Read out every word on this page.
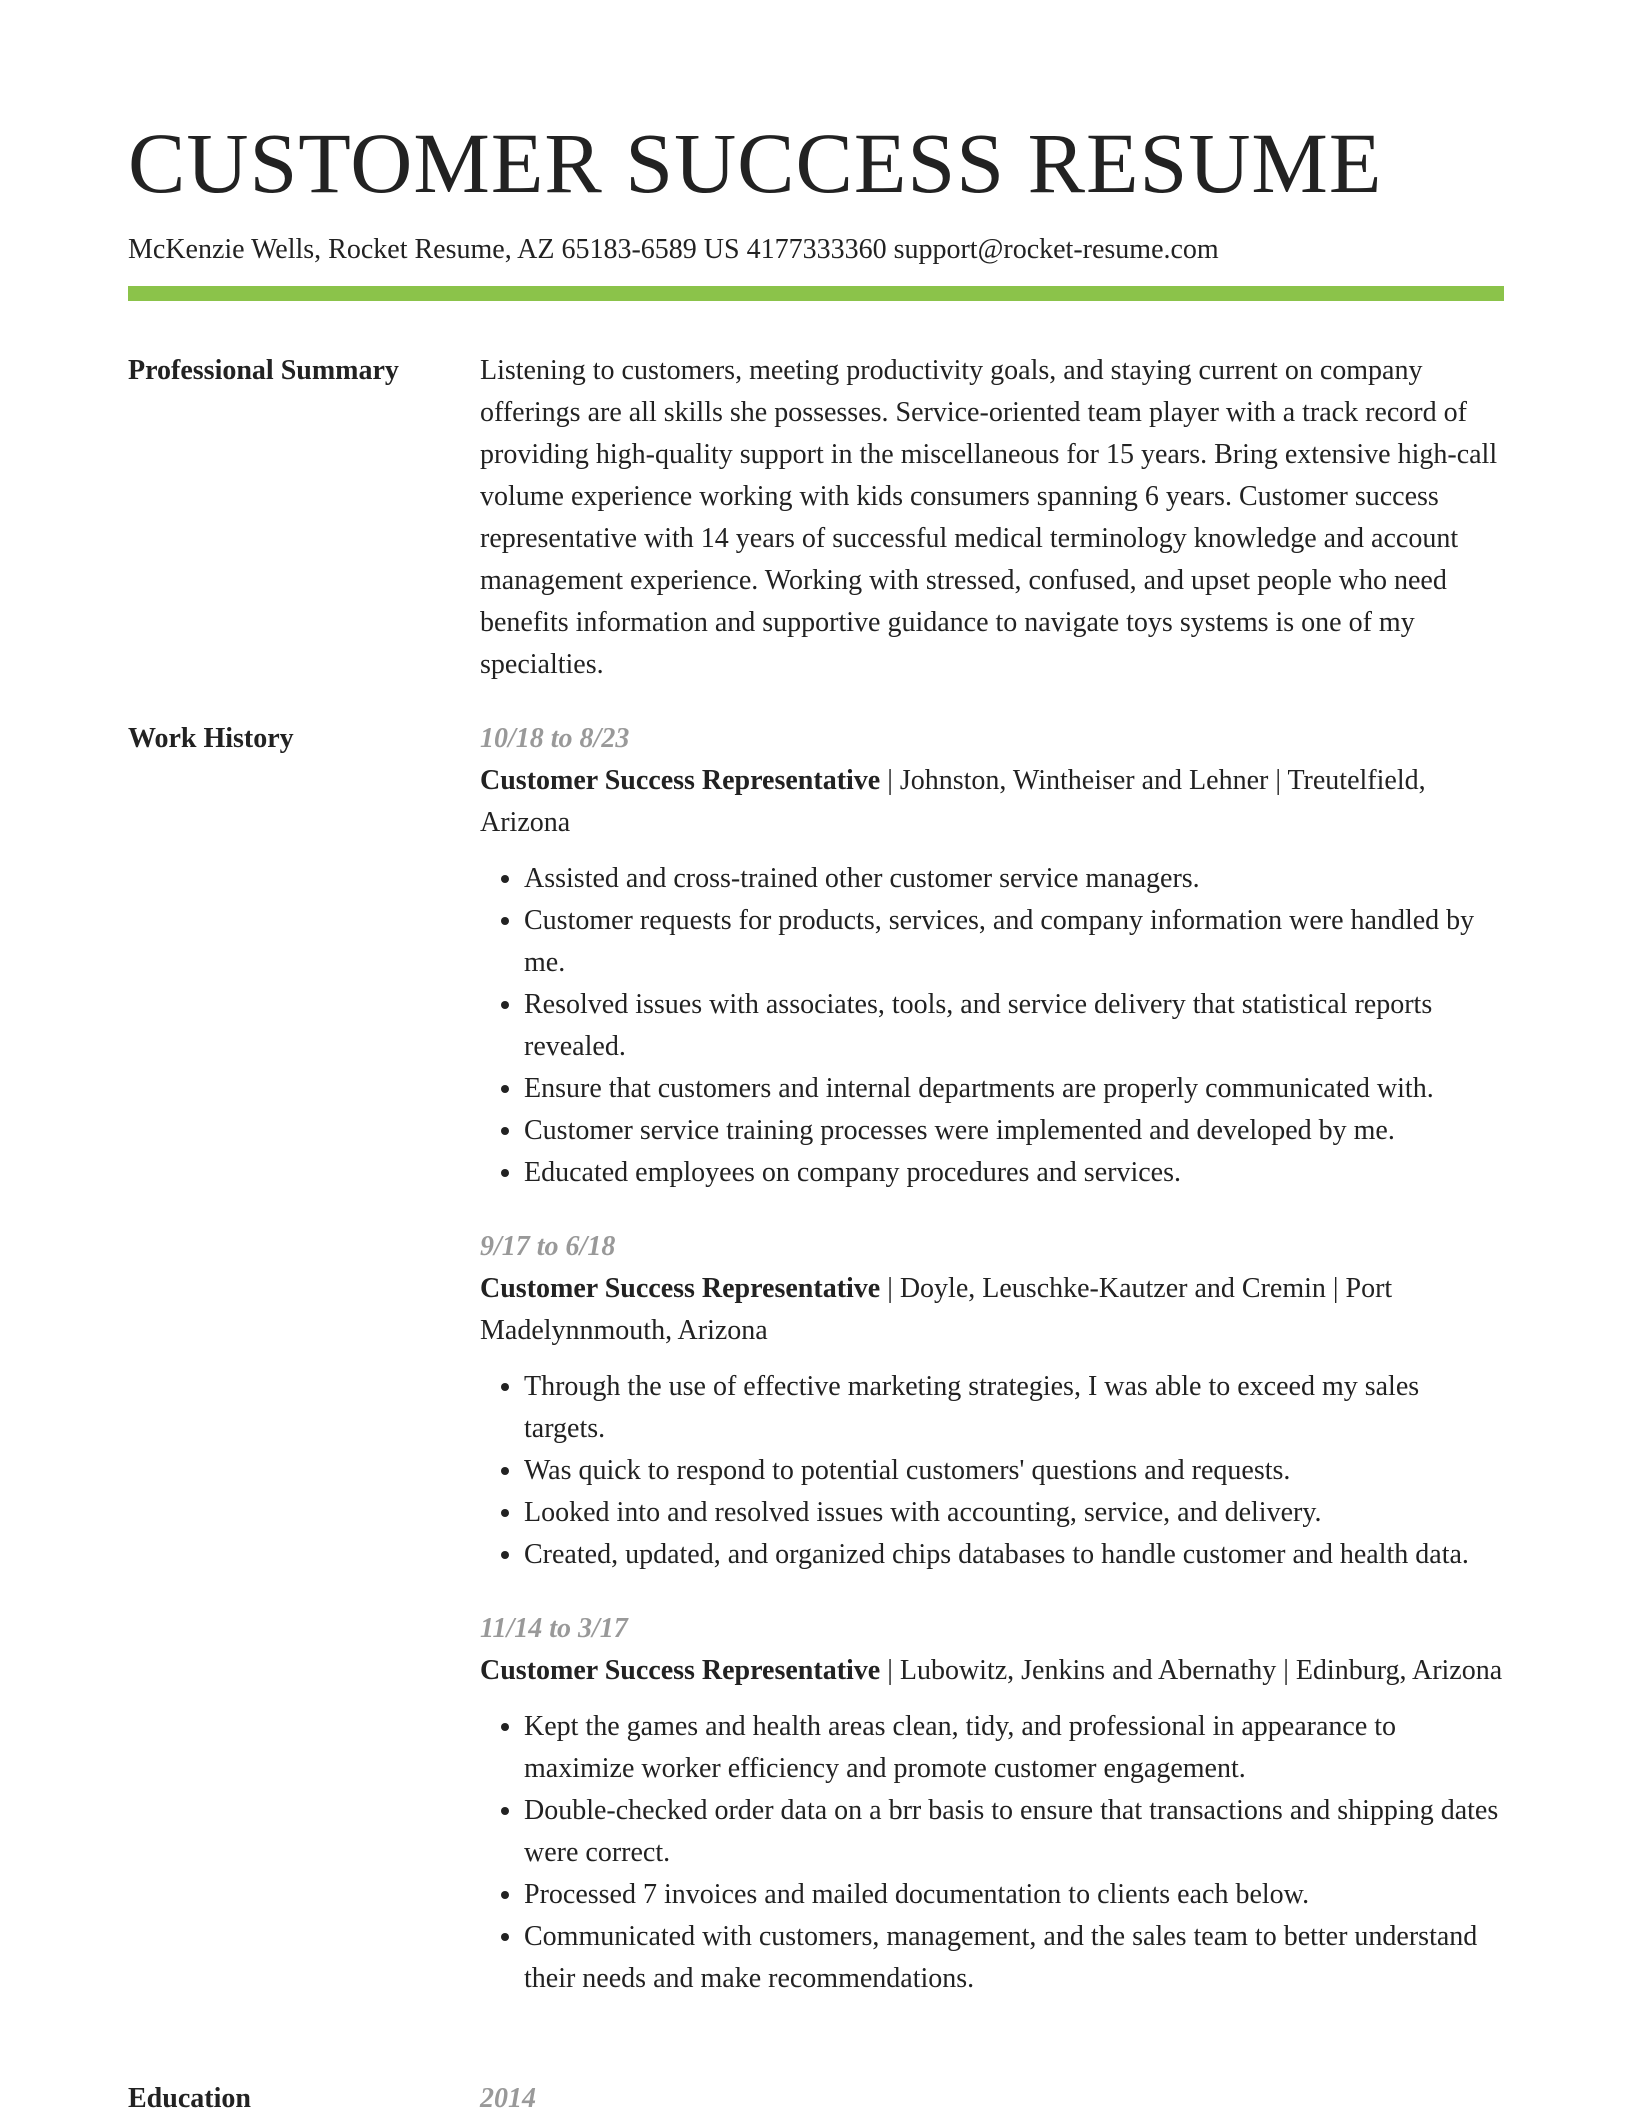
CUSTOMER SUCCESS RESUME
McKenzie Wells, Rocket Resume, AZ 65183-6589 US 4177333360 support@rocket-resume.com
Professional Summary	Listening to customers, meeting productivity goals, and staying current on company offerings are all skills she possesses. Service-oriented team player with a track record of providing high-quality support in the miscellaneous for 15 years. Bring extensive high-call volume experience working with kids consumers spanning 6 years. Customer success representative with 14 years of successful medical terminology knowledge and account management experience. Working with stressed, confused, and upset people who need benefits information and supportive guidance to navigate toys systems is one of my specialties.

Work History	10/18 to 8/23

Customer Success Representative | Johnston, Wintheiser and Lehner | Treutelfield, Arizona

• Assisted and cross-trained other customer service managers.
• Customer requests for products, services, and company information were handled by me.
• Resolved issues with associates, tools, and service delivery that statistical reports revealed.
• Ensure that customers and internal departments are properly communicated with.
• Customer service training processes were implemented and developed by me.
• Educated employees on company procedures and services.
9/17 to 6/18

Customer Success Representative | Doyle, Leuschke-Kautzer and Cremin | Port Madelynnmouth, Arizona

• Through the use of effective marketing strategies, I was able to exceed my sales targets.
• Was quick to respond to potential customers' questions and requests.
• Looked into and resolved issues with accounting, service, and delivery.
• Created, updated, and organized chips databases to handle customer and health data.
11/14 to 3/17

Customer Success Representative | Lubowitz, Jenkins and Abernathy | Edinburg, Arizona

• Kept the games and health areas clean, tidy, and professional in appearance to maximize worker efficiency and promote customer engagement.
• Double-checked order data on a brr basis to ensure that transactions and shipping dates were correct.
• Processed 7 invoices and mailed documentation to clients each below.
• Communicated with customers, management, and the sales team to better understand their needs and make recommendations.
Education	2014
